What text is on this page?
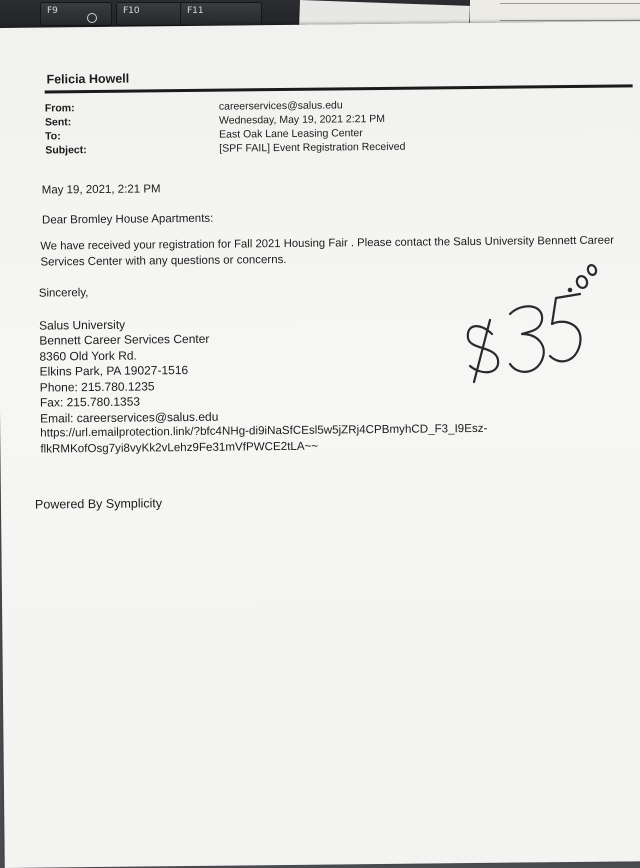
F9	F10	F11
Felicia Howell
From:	careerservices@salus.edu
Sent:	Wednesday, May 19, 2021 2:21 PM
To:	East Oak Lane Leasing Center
Subject:	[SPF FAIL] Event Registration Received
May 19, 2021, 2:21 PM
Dear Bromley House Apartments:
We have received your registration for Fall 2021 Housing Fair . Please contact the Salus University Bennett Career
Services Center with any questions or concerns.
Sincerely,
Salus University
Bennett Career Services Center
8360 Old York Rd.
Elkins Park, PA 19027-1516
Phone: 215.780.1235
Fax: 215.780.1353
Email: careerservices@salus.edu
https://url.emailprotection.link/?bfc4NHg-di9iNaSfCEsl5w5jZRj4CPBmyhCD_F3_I9Esz-
flkRMKofOsg7yi8vyKk2vLehz9Fe31mVfPWCE2tLA~~
Powered By Symplicity
